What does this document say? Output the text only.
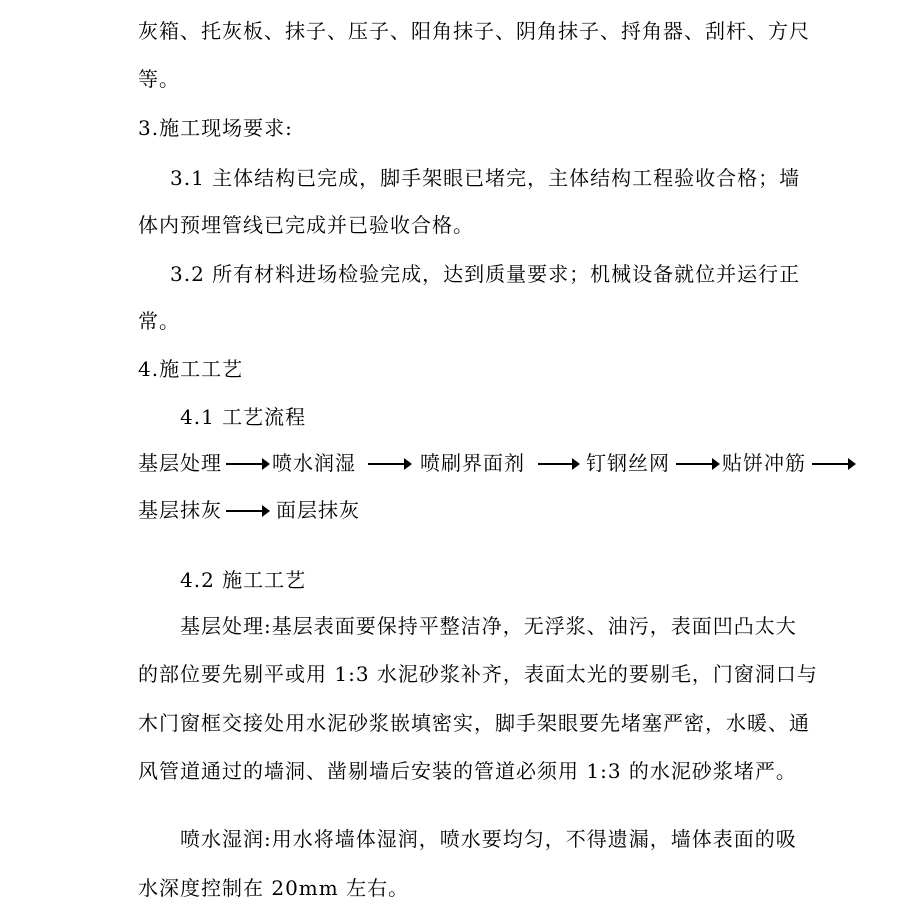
灰箱、托灰板、抹子、压子、阳角抹子、阴角抹子、捋角器、刮杆、方尺
等。
3.施工现场要求:
3.1 主体结构已完成，脚手架眼已堵完，主体结构工程验收合格；墙
体内预埋管线已完成并已验收合格。
3.2 所有材料进场检验完成，达到质量要求；机械设备就位并运行正
常。
4.施工工艺
4.1 工艺流程
基层处理	喷水润湿	喷刷界面剂	钉钢丝网	贴饼冲筋
基层抹灰	面层抹灰
4.2 施工工艺
基层处理:基层表面要保持平整洁净，无浮浆、油污，表面凹凸太大
的部位要先剔平或用 1:3 水泥砂浆补齐，表面太光的要剔毛，门窗洞口与
木门窗框交接处用水泥砂浆嵌填密实，脚手架眼要先堵塞严密，水暖、通
风管道通过的墙洞、凿剔墙后安装的管道必须用 1:3 的水泥砂浆堵严。
喷水湿润:用水将墙体湿润，喷水要均匀，不得遗漏，墙体表面的吸
水深度控制在 20mm 左右。
